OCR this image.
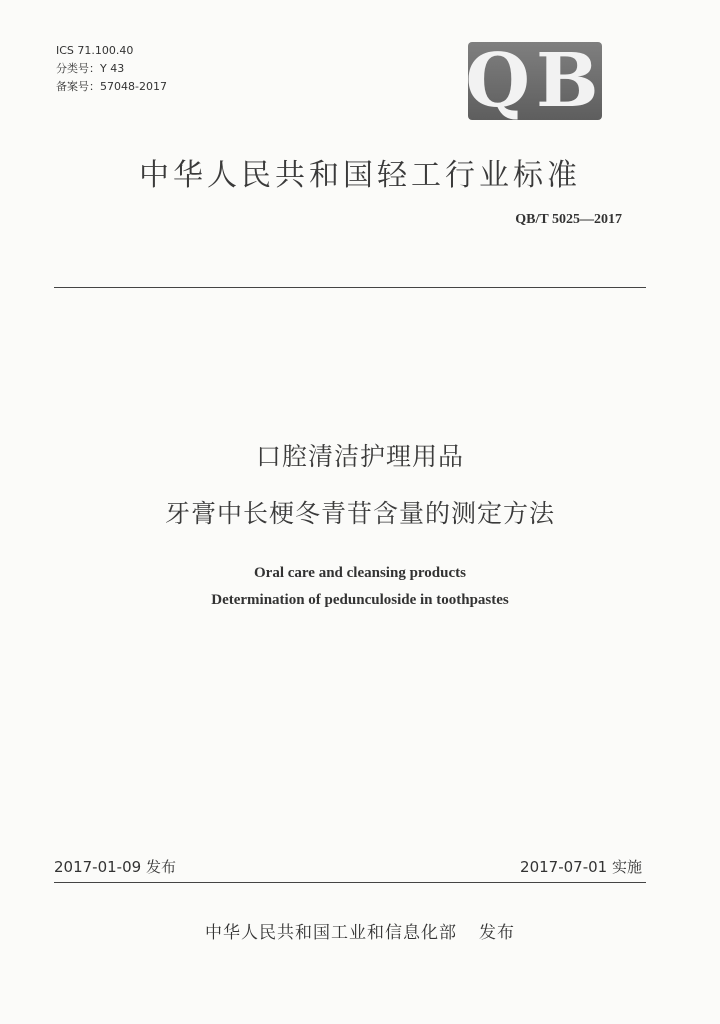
ICS 71.100.40
分类号：Y 43
备案号：57048-2017	QB
中华人民共和国轻工行业标准
QB/T 5025—2017
口腔清洁护理用品
牙膏中长梗冬青苷含量的测定方法
Oral care and cleansing products
Determination of pedunculoside in toothpastes
2017-01-09 发布	2017-07-01 实施
中华人民共和国工业和信息化部 发布
